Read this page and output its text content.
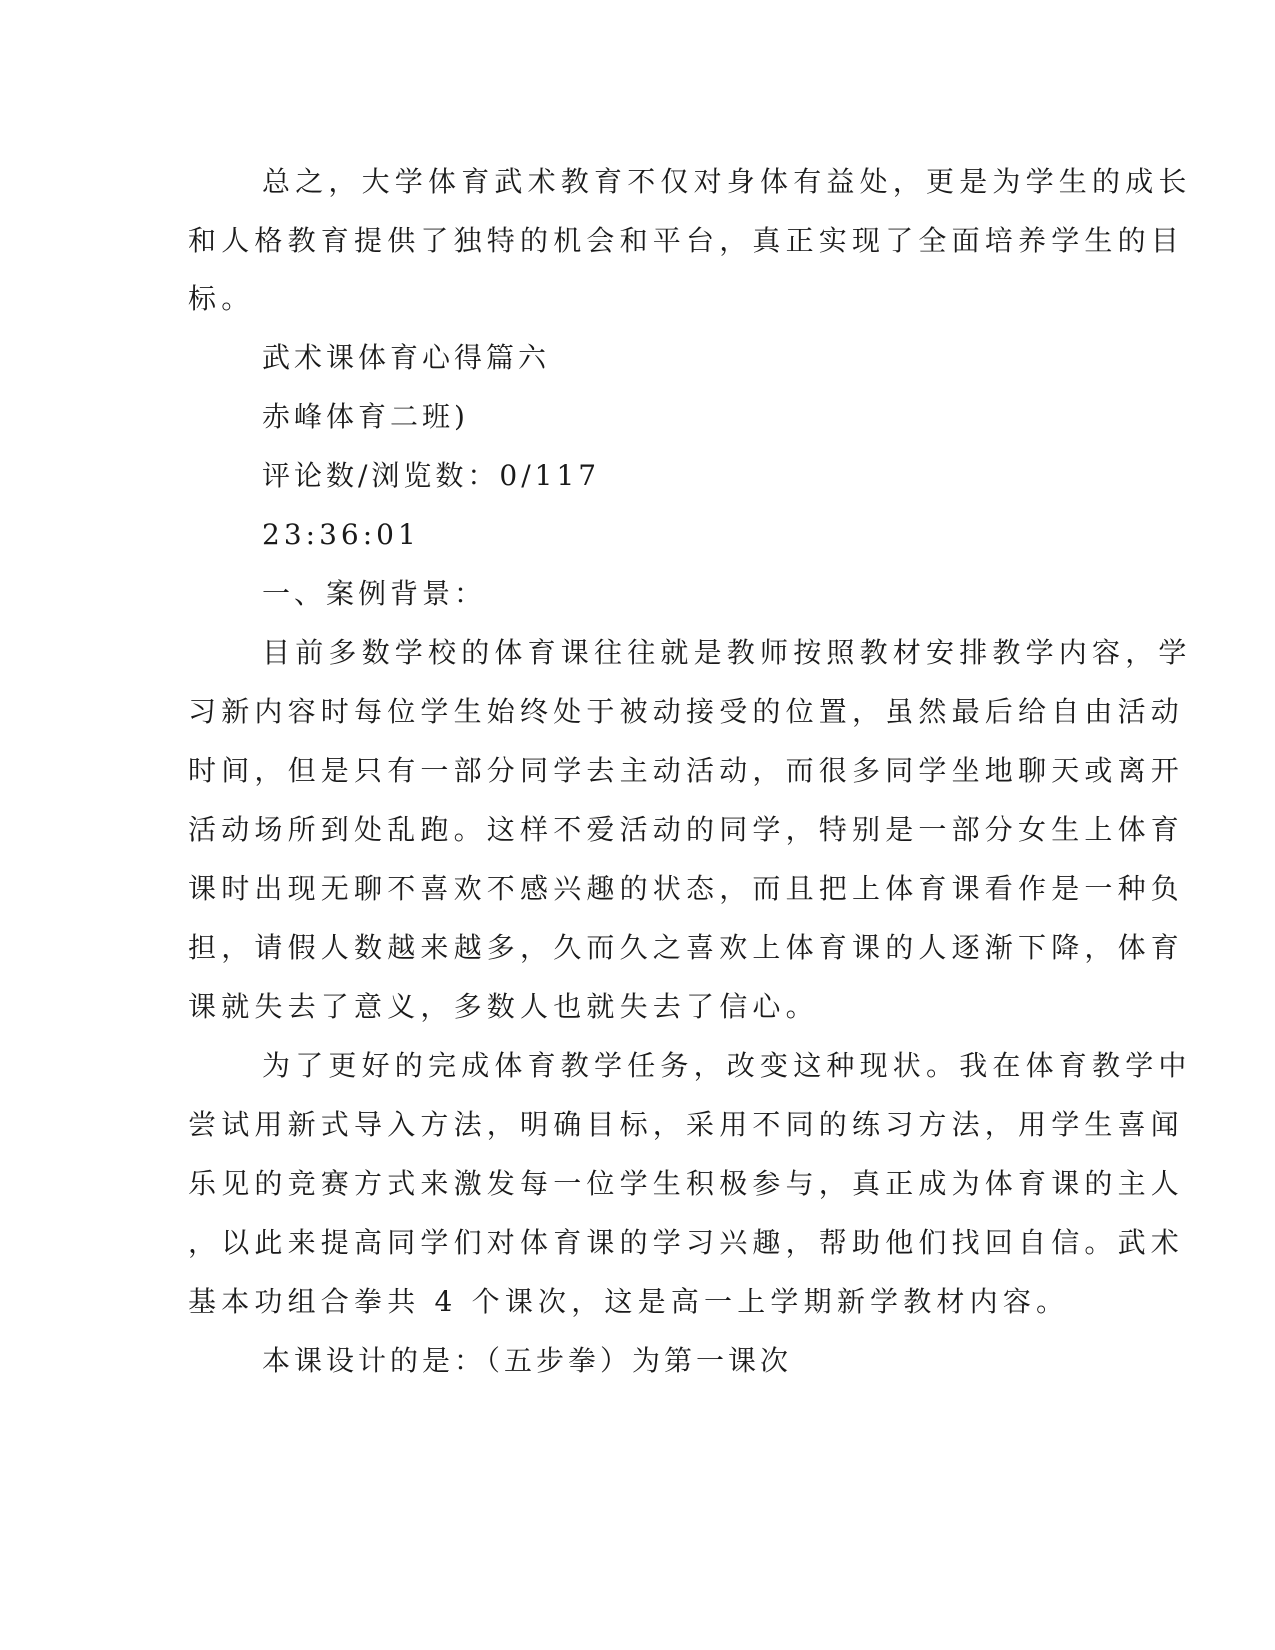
总之，大学体育武术教育不仅对身体有益处，更是为学生的成长
和人格教育提供了独特的机会和平台，真正实现了全面培养学生的目
标。
武术课体育心得篇六
赤峰体育二班)
评论数/浏览数：0/117
23:36:01
一、案例背景：
目前多数学校的体育课往往就是教师按照教材安排教学内容，学
习新内容时每位学生始终处于被动接受的位置，虽然最后给自由活动
时间，但是只有一部分同学去主动活动，而很多同学坐地聊天或离开
活动场所到处乱跑。这样不爱活动的同学，特别是一部分女生上体育
课时出现无聊不喜欢不感兴趣的状态，而且把上体育课看作是一种负
担，请假人数越来越多，久而久之喜欢上体育课的人逐渐下降，体育
课就失去了意义，多数人也就失去了信心。
为了更好的完成体育教学任务，改变这种现状。我在体育教学中
尝试用新式导入方法，明确目标，采用不同的练习方法，用学生喜闻
乐见的竞赛方式来激发每一位学生积极参与，真正成为体育课的主人
，以此来提高同学们对体育课的学习兴趣，帮助他们找回自信。武术
基本功组合拳共 4 个课次，这是高一上学期新学教材内容。
本课设计的是：（五步拳）为第一课次
